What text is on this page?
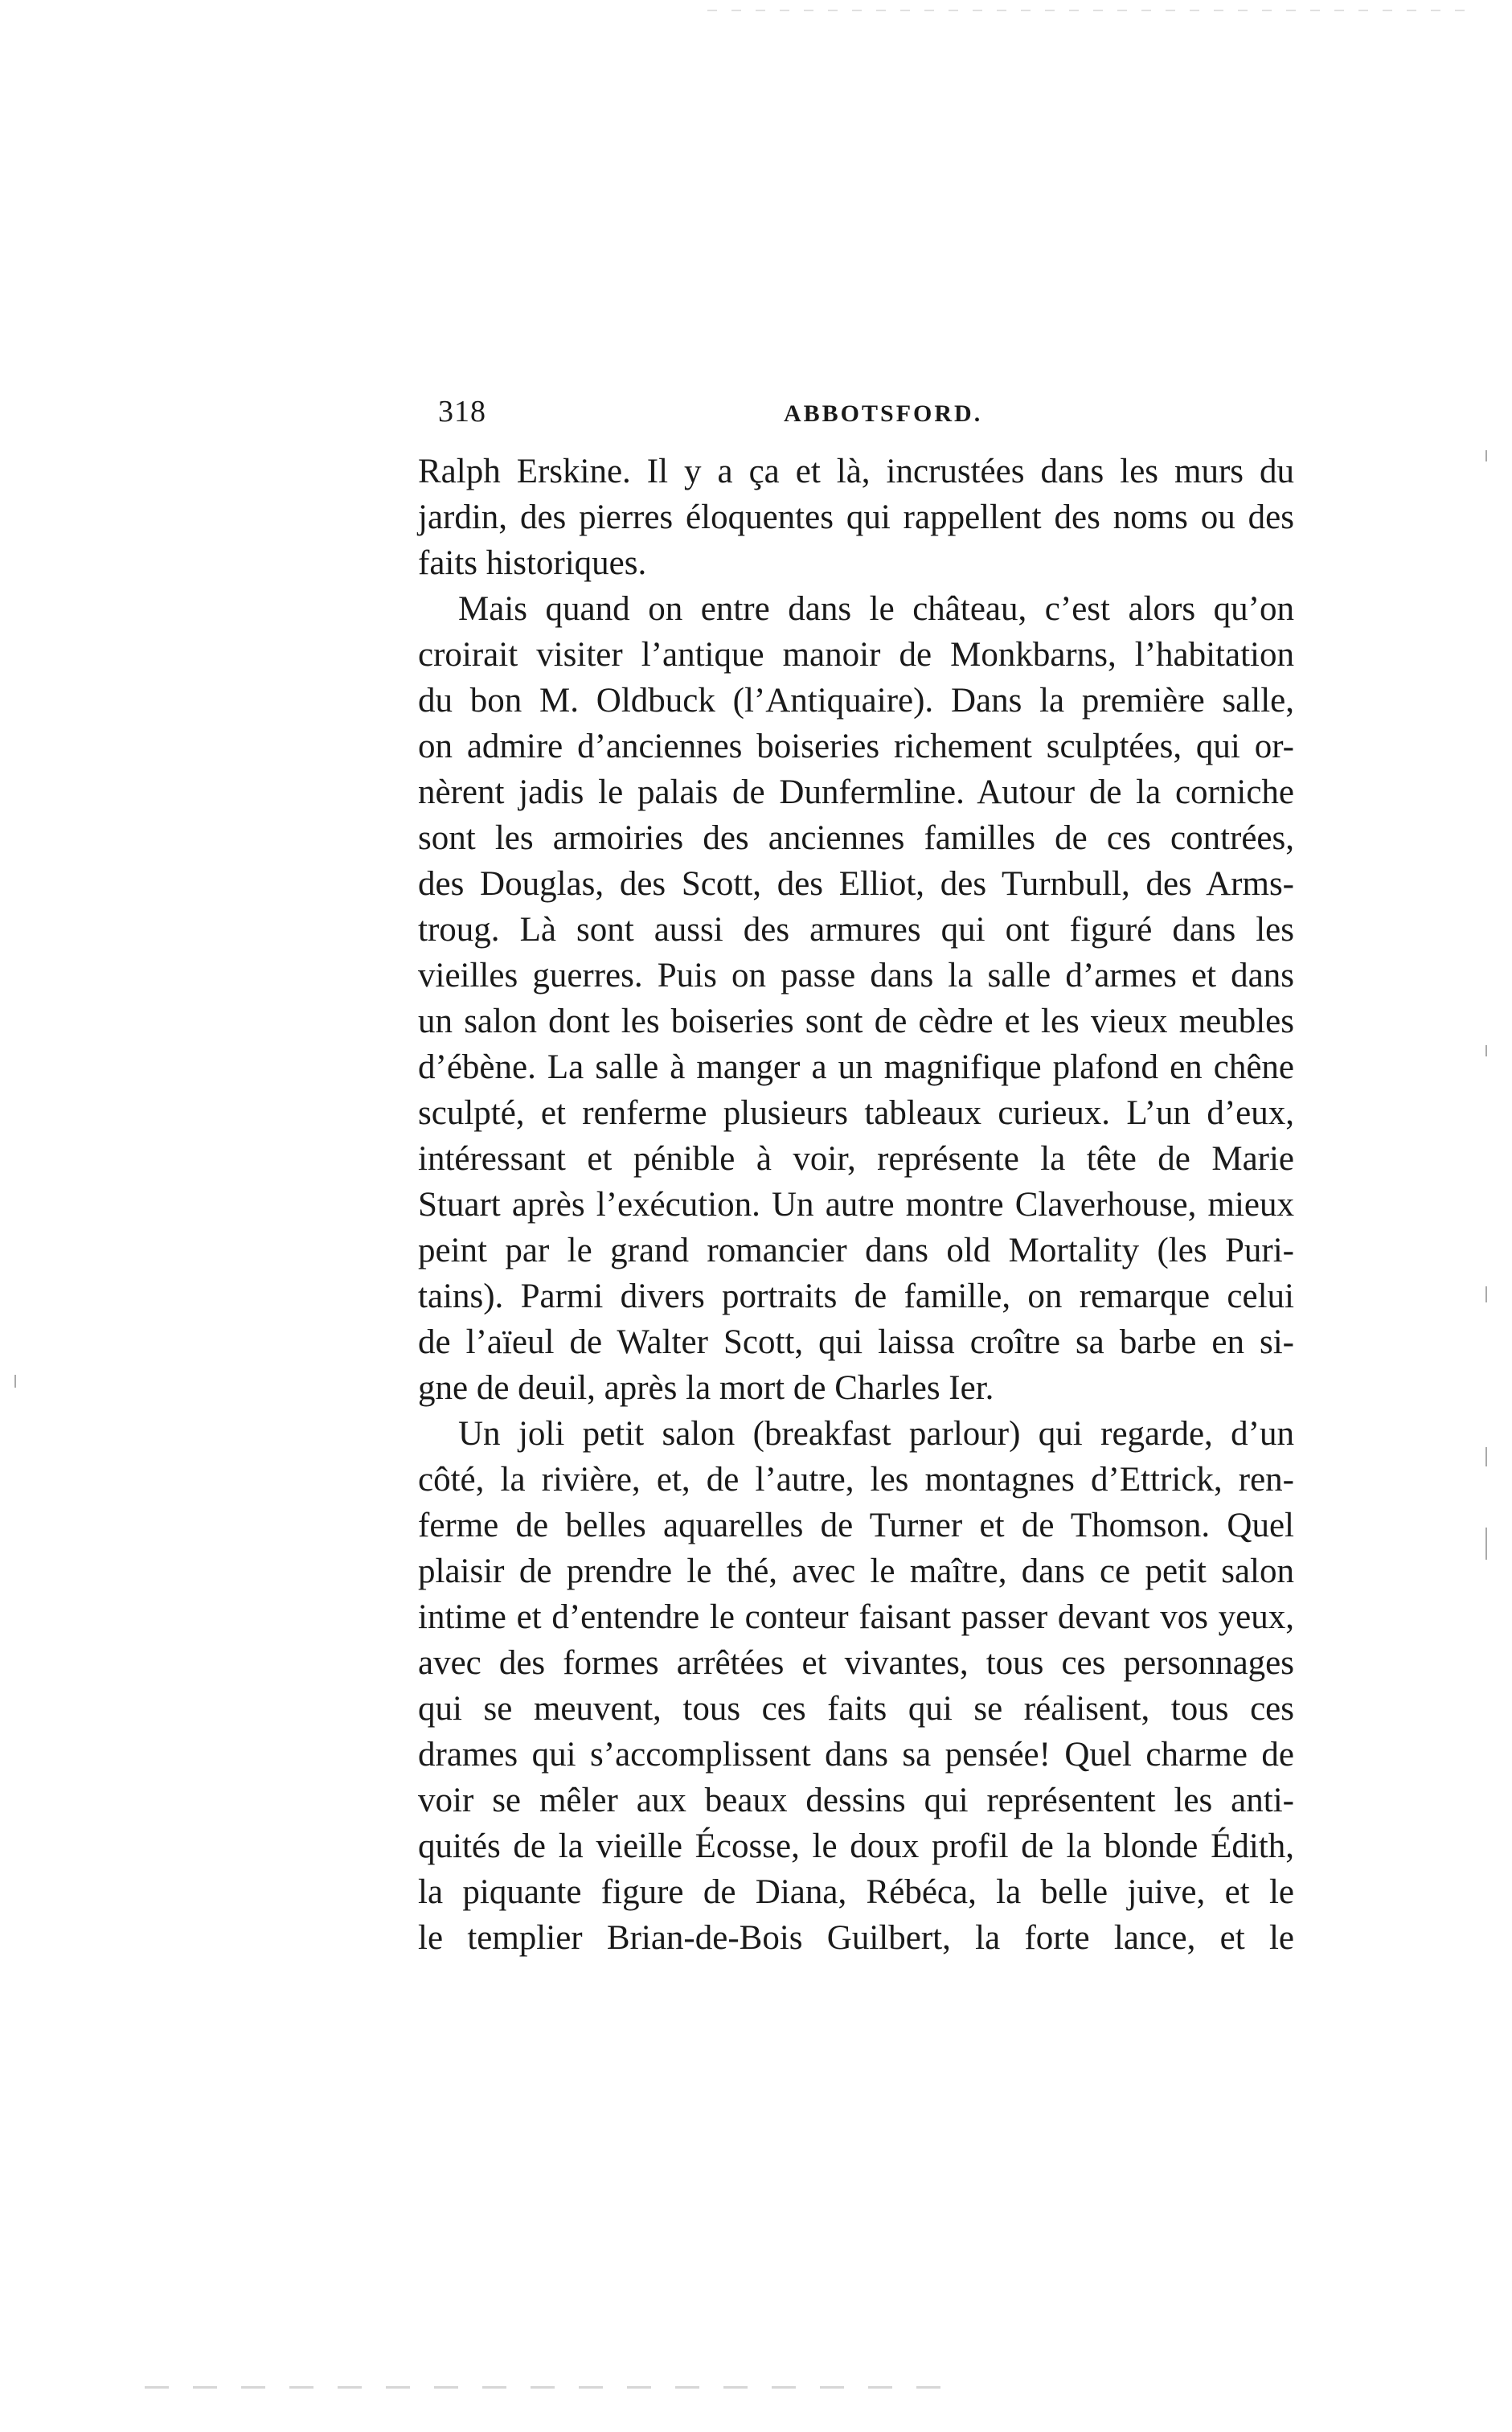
318	ABBOTSFORD.
Ralph Erskine. Il y a ça et là, incrustées dans les murs du
jardin, des pierres éloquentes qui rappellent des noms ou des
faits historiques.
Mais quand on entre dans le château, c’est alors qu’on
croirait visiter l’antique manoir de Monkbarns, l’habitation
du bon M. Oldbuck (l’Antiquaire). Dans la première salle,
on admire d’anciennes boiseries richement sculptées, qui or-
nèrent jadis le palais de Dunfermline. Autour de la corniche
sont les armoiries des anciennes familles de ces contrées,
des Douglas, des Scott, des Elliot, des Turnbull, des Arms-
troug. Là sont aussi des armures qui ont figuré dans les
vieilles guerres. Puis on passe dans la salle d’armes et dans
un salon dont les boiseries sont de cèdre et les vieux meubles
d’ébène. La salle à manger a un magnifique plafond en chêne
sculpté, et renferme plusieurs tableaux curieux. L’un d’eux,
intéressant et pénible à voir, représente la tête de Marie
Stuart après l’exécution. Un autre montre Claverhouse, mieux
peint par le grand romancier dans old Mortality (les Puri-
tains). Parmi divers portraits de famille, on remarque celui
de l’aïeul de Walter Scott, qui laissa croître sa barbe en si-
gne de deuil, après la mort de Charles Ier.
Un joli petit salon (breakfast parlour) qui regarde, d’un
côté, la rivière, et, de l’autre, les montagnes d’Ettrick, ren-
ferme de belles aquarelles de Turner et de Thomson. Quel
plaisir de prendre le thé, avec le maître, dans ce petit salon
intime et d’entendre le conteur faisant passer devant vos yeux,
avec des formes arrêtées et vivantes, tous ces personnages
qui se meuvent, tous ces faits qui se réalisent, tous ces
drames qui s’accomplissent dans sa pensée! Quel charme de
voir se mêler aux beaux dessins qui représentent les anti-
quités de la vieille Écosse, le doux profil de la blonde Édith,
la piquante figure de Diana, Rébéca, la belle juive, et le
le templier Brian-de-Bois Guilbert, la forte lance, et le
